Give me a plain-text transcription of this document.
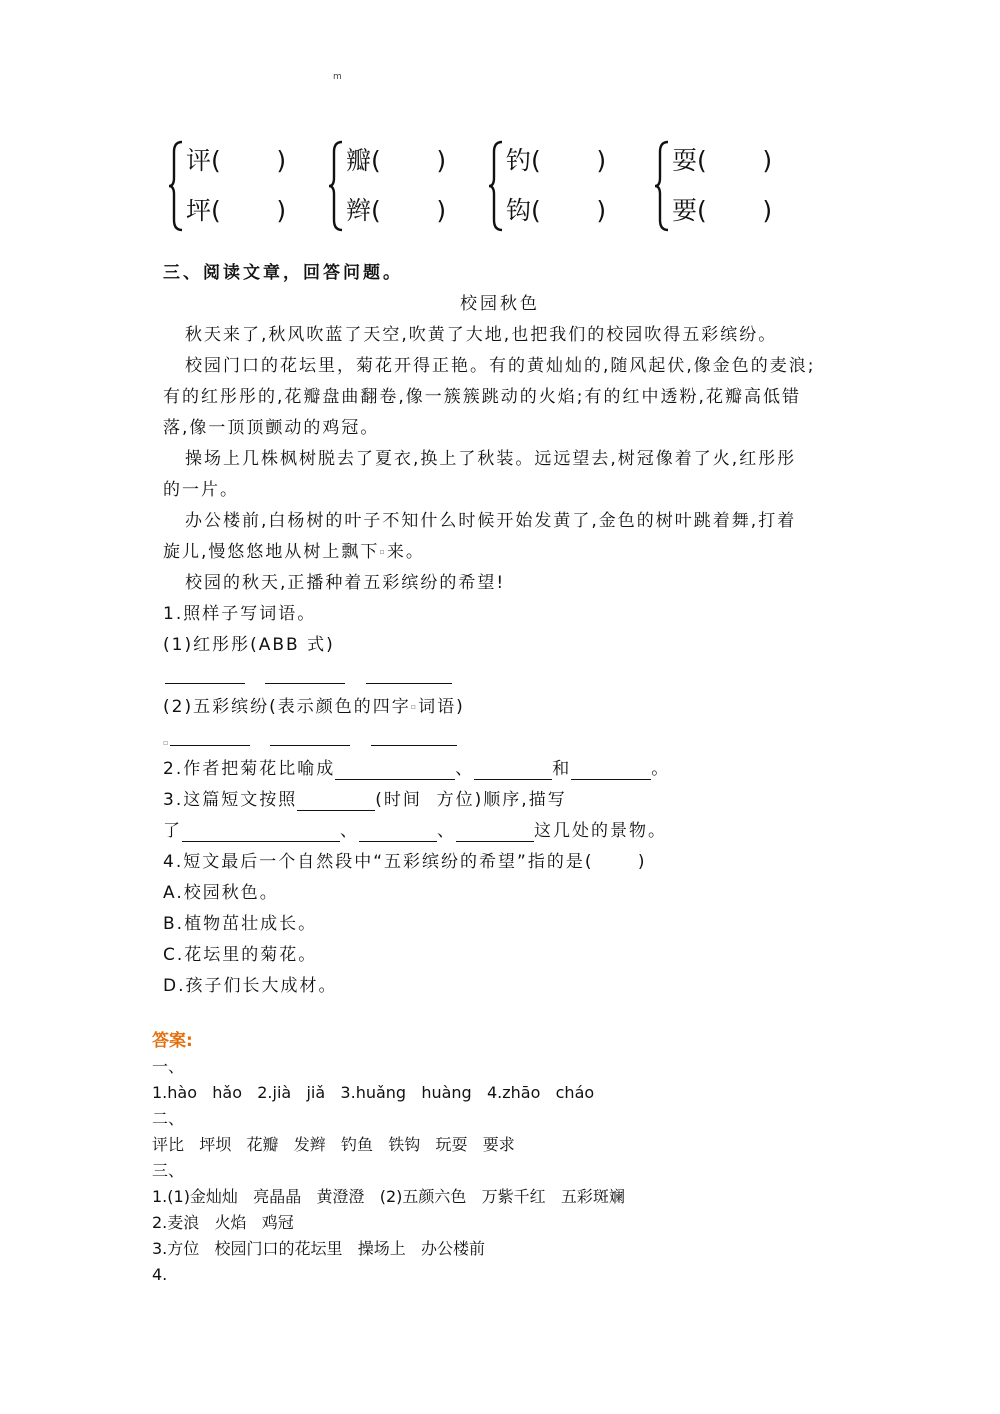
m
评(       )
坪(       )
瓣(       )
辫(       )
钓(       )
钩(       )
耍(       )
要(       )
三、阅读文章，回答问题。
校园秋色
秋天来了,秋风吹蓝了天空,吹黄了大地,也把我们的校园吹得五彩缤纷。
校园门口的花坛里，菊花开得正艳。有的黄灿灿的,随风起伏,像金色的麦浪;
有的红彤彤的,花瓣盘曲翻卷,像一簇簇跳动的火焰;有的红中透粉,花瓣高低错
落,像一顶顶颤动的鸡冠。
操场上几株枫树脱去了夏衣,换上了秋装。远远望去,树冠像着了火,红彤彤
的一片。
办公楼前,白杨树的叶子不知什么时候开始发黄了,金色的树叶跳着舞,打着
旋儿,慢悠悠地从树上飘下▫来。
校园的秋天,正播种着五彩缤纷的希望!
1.照样子写词语。
(1)红彤彤(ABB 式)
(2)五彩缤纷(表示颜色的四字▫词语)
▫
2.作者把菊花比喻成	、	和	。
3.这篇短文按照	(时间  方位)顺序,描写
了	、	、	这几处的景物。
4.短文最后一个自然段中“五彩缤纷的希望”指的是(      )
A.校园秋色。
B.植物茁壮成长。
C.花坛里的菊花。
D.孩子们长大成材。
答案:
一、
1.hào   hǎo   2.jià   jiǎ   3.huǎng   huàng   4.zhāo   cháo
二、
评比   坪坝   花瓣   发辫   钓鱼   铁钩   玩耍   要求
三、
1.(1)金灿灿   亮晶晶   黄澄澄   (2)五颜六色   万紫千红   五彩斑斓
2.麦浪   火焰   鸡冠
3.方位   校园门口的花坛里   操场上   办公楼前
4.
